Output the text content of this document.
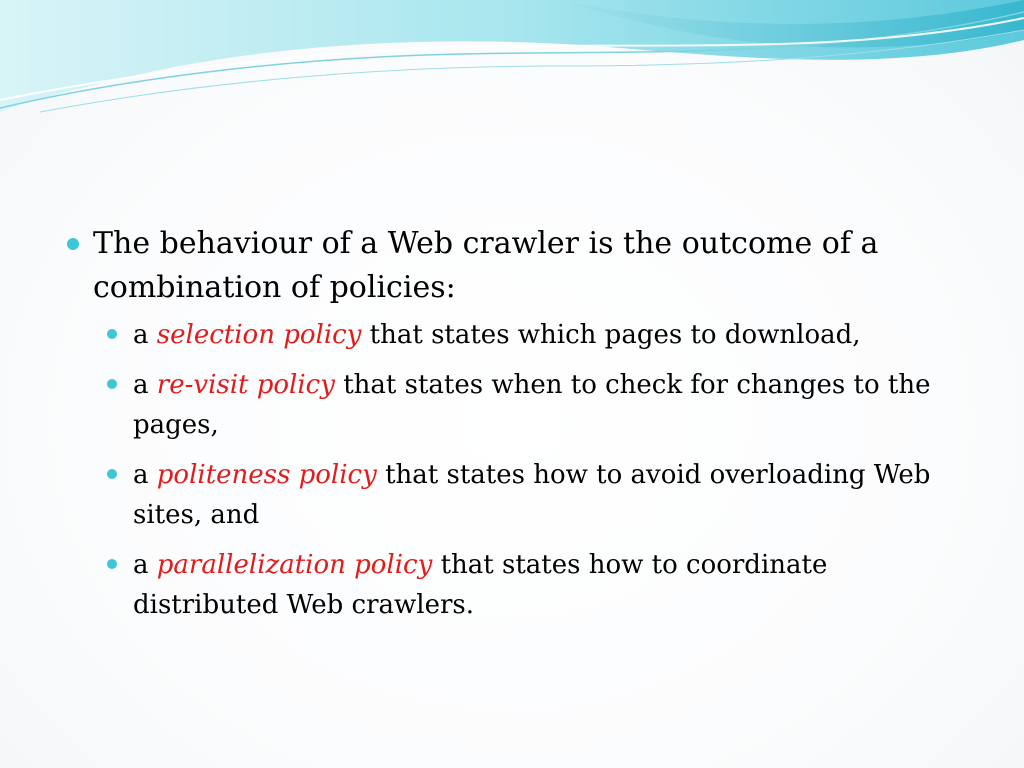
The behaviour of a Web crawler is the outcome of a combination of policies:
a selection policy that states which pages to download,
a re-visit policy that states when to check for changes to the pages,
a politeness policy that states how to avoid overloading Web sites, and
a parallelization policy that states how to coordinate distributed Web crawlers.
